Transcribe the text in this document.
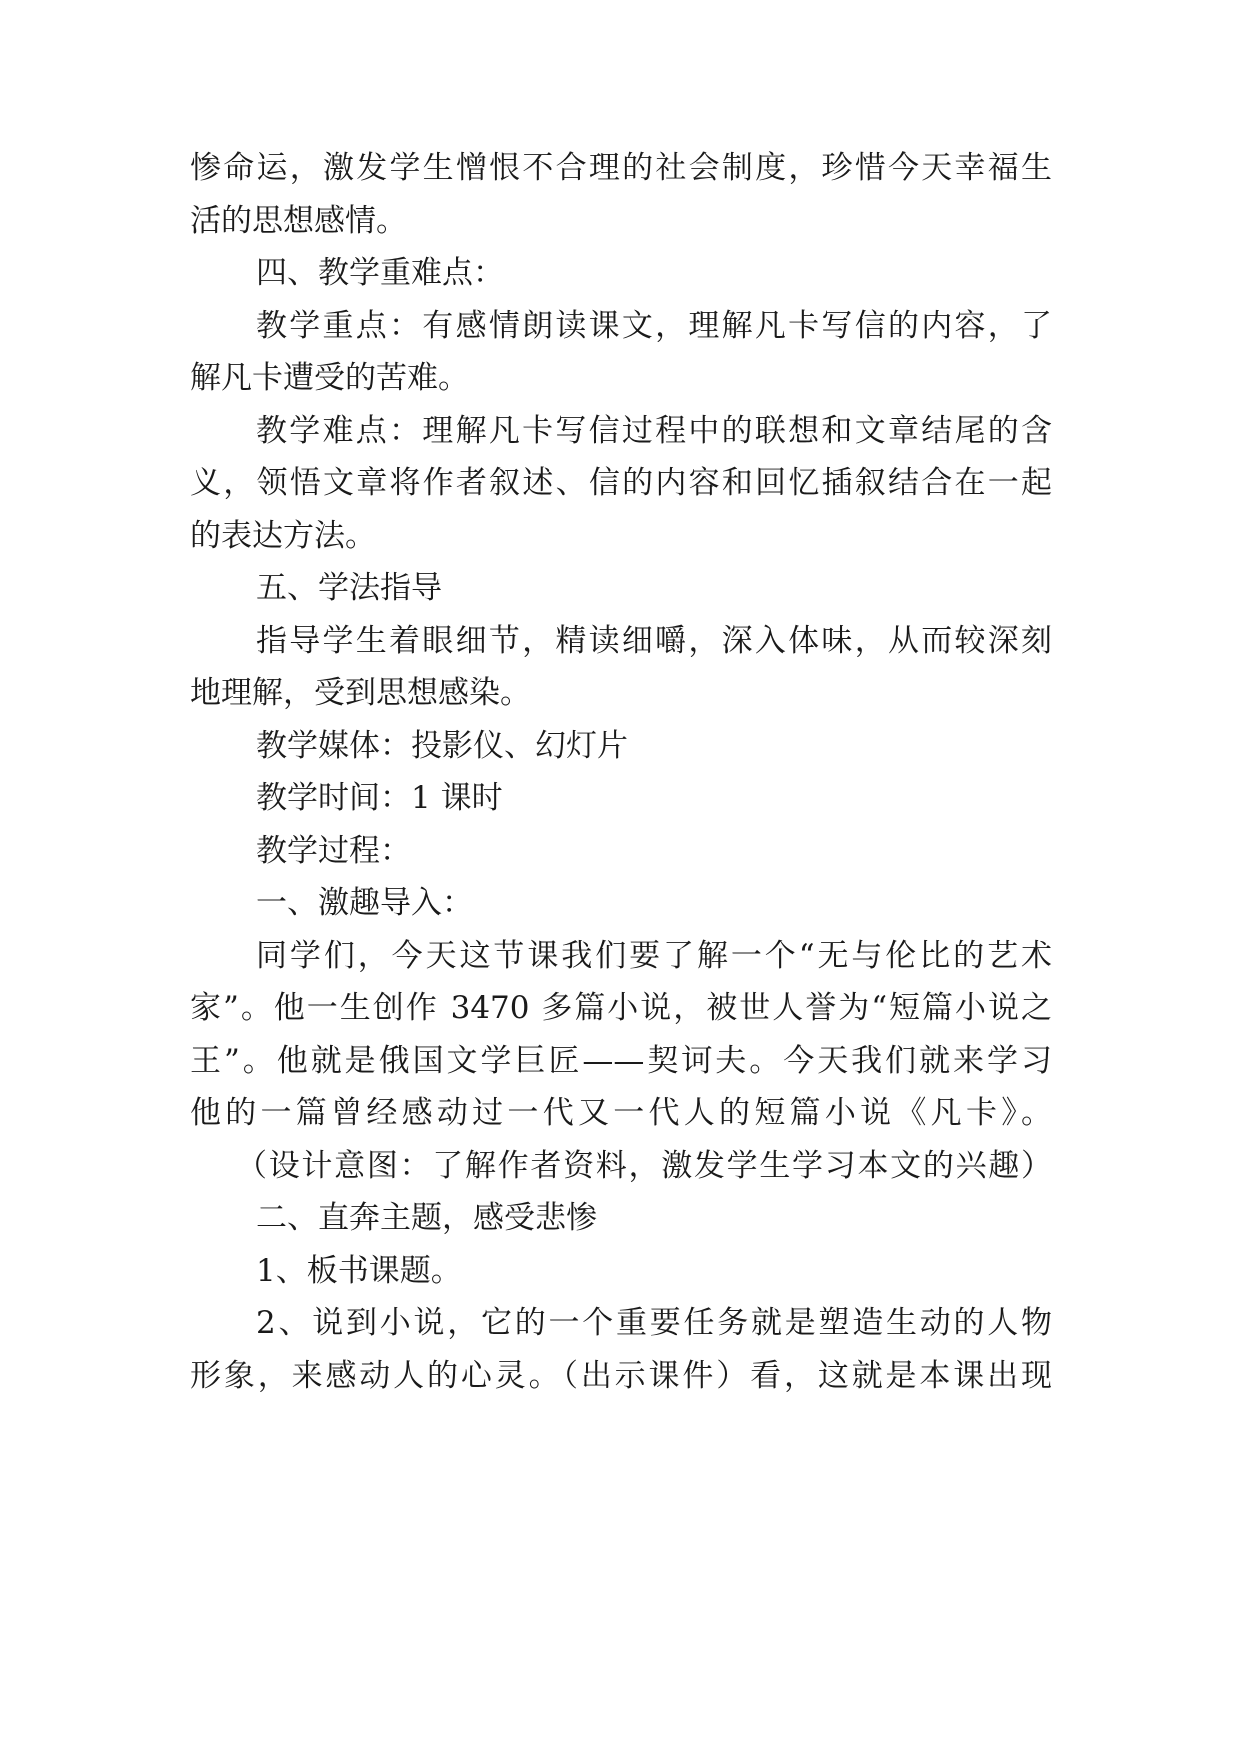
惨命运，激发学生憎恨不合理的社会制度，珍惜今天幸福生

活的思想感情。

四、教学重难点：

教学重点：有感情朗读课文，理解凡卡写信的内容，了

解凡卡遭受的苦难。

教学难点：理解凡卡写信过程中的联想和文章结尾的含

义，领悟文章将作者叙述、信的内容和回忆插叙结合在一起

的表达方法。

五、学法指导

指导学生着眼细节，精读细嚼，深入体味，从而较深刻

地理解，受到思想感染。

教学媒体：投影仪、幻灯片

教学时间：1 课时

教学过程：

一、激趣导入：

同学们，今天这节课我们要了解一个“无与伦比的艺术

家”。他一生创作 3470 多篇小说，被世人誉为“短篇小说之

王”。他就是俄国文学巨匠——契诃夫。今天我们就来学习

他的一篇曾经感动过一代又一代人的短篇小说《凡卡》。

（设计意图：了解作者资料，激发学生学习本文的兴趣）

二、直奔主题，感受悲惨

1、板书课题。

2、说到小说，它的一个重要任务就是塑造生动的人物

形象，来感动人的心灵。（出示课件）看，这就是本课出现
